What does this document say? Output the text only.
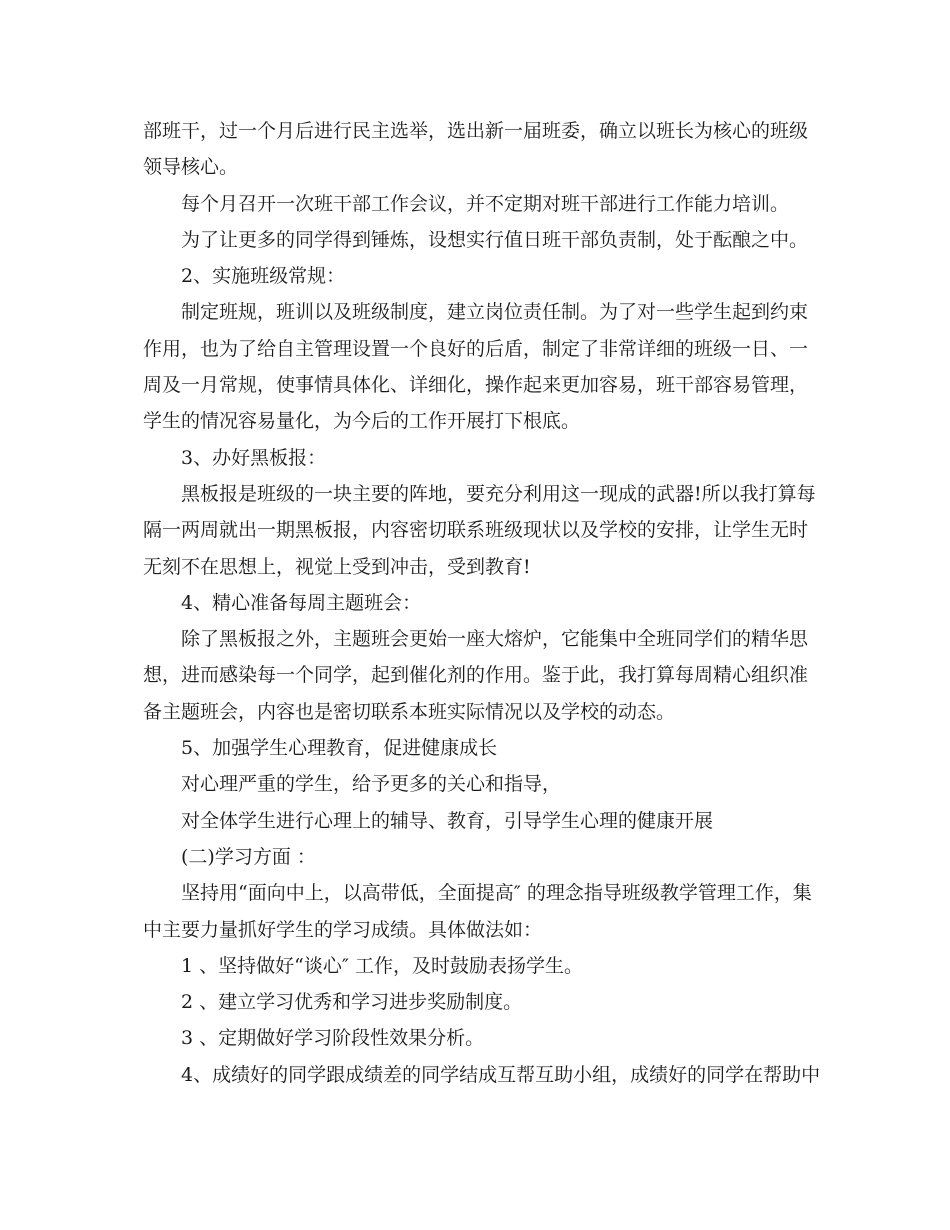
部班干，过一个月后进行民主选举，选出新一届班委，确立以班长为核心的班级

领导核心。

每个月召开一次班干部工作会议，并不定期对班干部进行工作能力培训。

为了让更多的同学得到锤炼，设想实行值日班干部负责制，处于酝酿之中。

2、实施班级常规：

制定班规，班训以及班级制度，建立岗位责任制。为了对一些学生起到约束

作用，也为了给自主管理设置一个良好的后盾，制定了非常详细的班级一日、一

周及一月常规，使事情具体化、详细化，操作起来更加容易，班干部容易管理，

学生的情况容易量化，为今后的工作开展打下根底。

3、办好黑板报：

黑板报是班级的一块主要的阵地，要充分利用这一现成的武器!所以我打算每

隔一两周就出一期黑板报，内容密切联系班级现状以及学校的安排，让学生无时

无刻不在思想上，视觉上受到冲击，受到教育!

4、精心准备每周主题班会：

除了黑板报之外，主题班会更始一座大熔炉，它能集中全班同学们的精华思

想，进而感染每一个同学，起到催化剂的作用。鉴于此，我打算每周精心组织准

备主题班会，内容也是密切联系本班实际情况以及学校的动态。

5、加强学生心理教育，促进健康成长

对心理严重的学生，给予更多的关心和指导，

对全体学生进行心理上的辅导、教育，引导学生心理的健康开展

(二)学习方面 ：

坚持用“面向中上，以高带低，全面提高″ 的理念指导班级教学管理工作，集

中主要力量抓好学生的学习成绩。具体做法如：

1 、坚持做好“谈心″ 工作，及时鼓励表扬学生。

2 、建立学习优秀和学习进步奖励制度。

3 、定期做好学习阶段性效果分析。

4、成绩好的同学跟成绩差的同学结成互帮互助小组，成绩好的同学在帮助中
